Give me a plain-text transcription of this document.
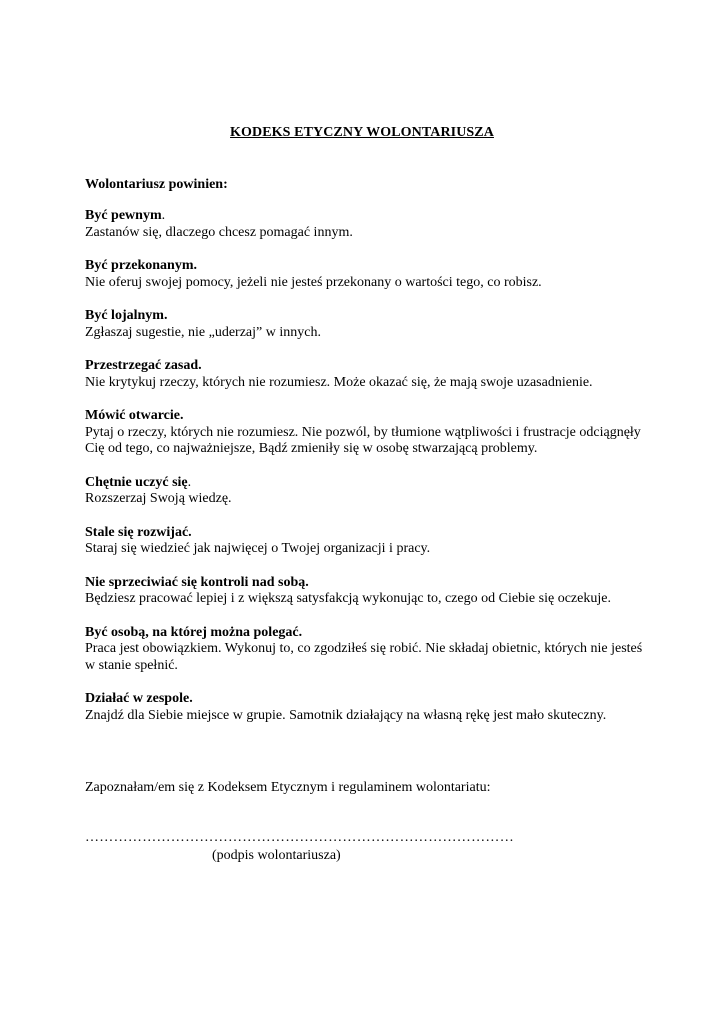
KODEKS ETYCZNY WOLONTARIUSZA
Wolontariusz powinien:
Być pewnym.
Zastanów się, dlaczego chcesz pomagać innym.
Być przekonanym.
Nie oferuj swojej pomocy, jeżeli nie jesteś przekonany o wartości tego, co robisz.
Być lojalnym.
Zgłaszaj sugestie, nie „uderzaj” w innych.
Przestrzegać zasad.
Nie krytykuj rzeczy, których nie rozumiesz. Może okazać się, że mają swoje uzasadnienie.
Mówić otwarcie.
Pytaj o rzeczy, których nie rozumiesz. Nie pozwól, by tłumione wątpliwości i frustracje odciągnęły Cię od tego, co najważniejsze, Bądź zmieniły się w osobę stwarzającą problemy.
Chętnie uczyć się.
Rozszerzaj Swoją wiedzę.
Stale się rozwijać.
Staraj się wiedzieć jak najwięcej o Twojej organizacji i pracy.
Nie sprzeciwiać się kontroli nad sobą.
Będziesz pracować lepiej i z większą satysfakcją wykonując to, czego od Ciebie się oczekuje.
Być osobą, na której można polegać.
Praca jest obowiązkiem. Wykonuj to, co zgodziłeś się robić. Nie składaj obietnic, których nie jesteś w stanie spełnić.
Działać w zespole.
Znajdź dla Siebie miejsce w grupie. Samotnik działający na własną rękę jest mało skuteczny.
Zapoznałam/em się z Kodeksem Etycznym i regulaminem wolontariatu:
………………………………………………………………………………
(podpis wolontariusza)
